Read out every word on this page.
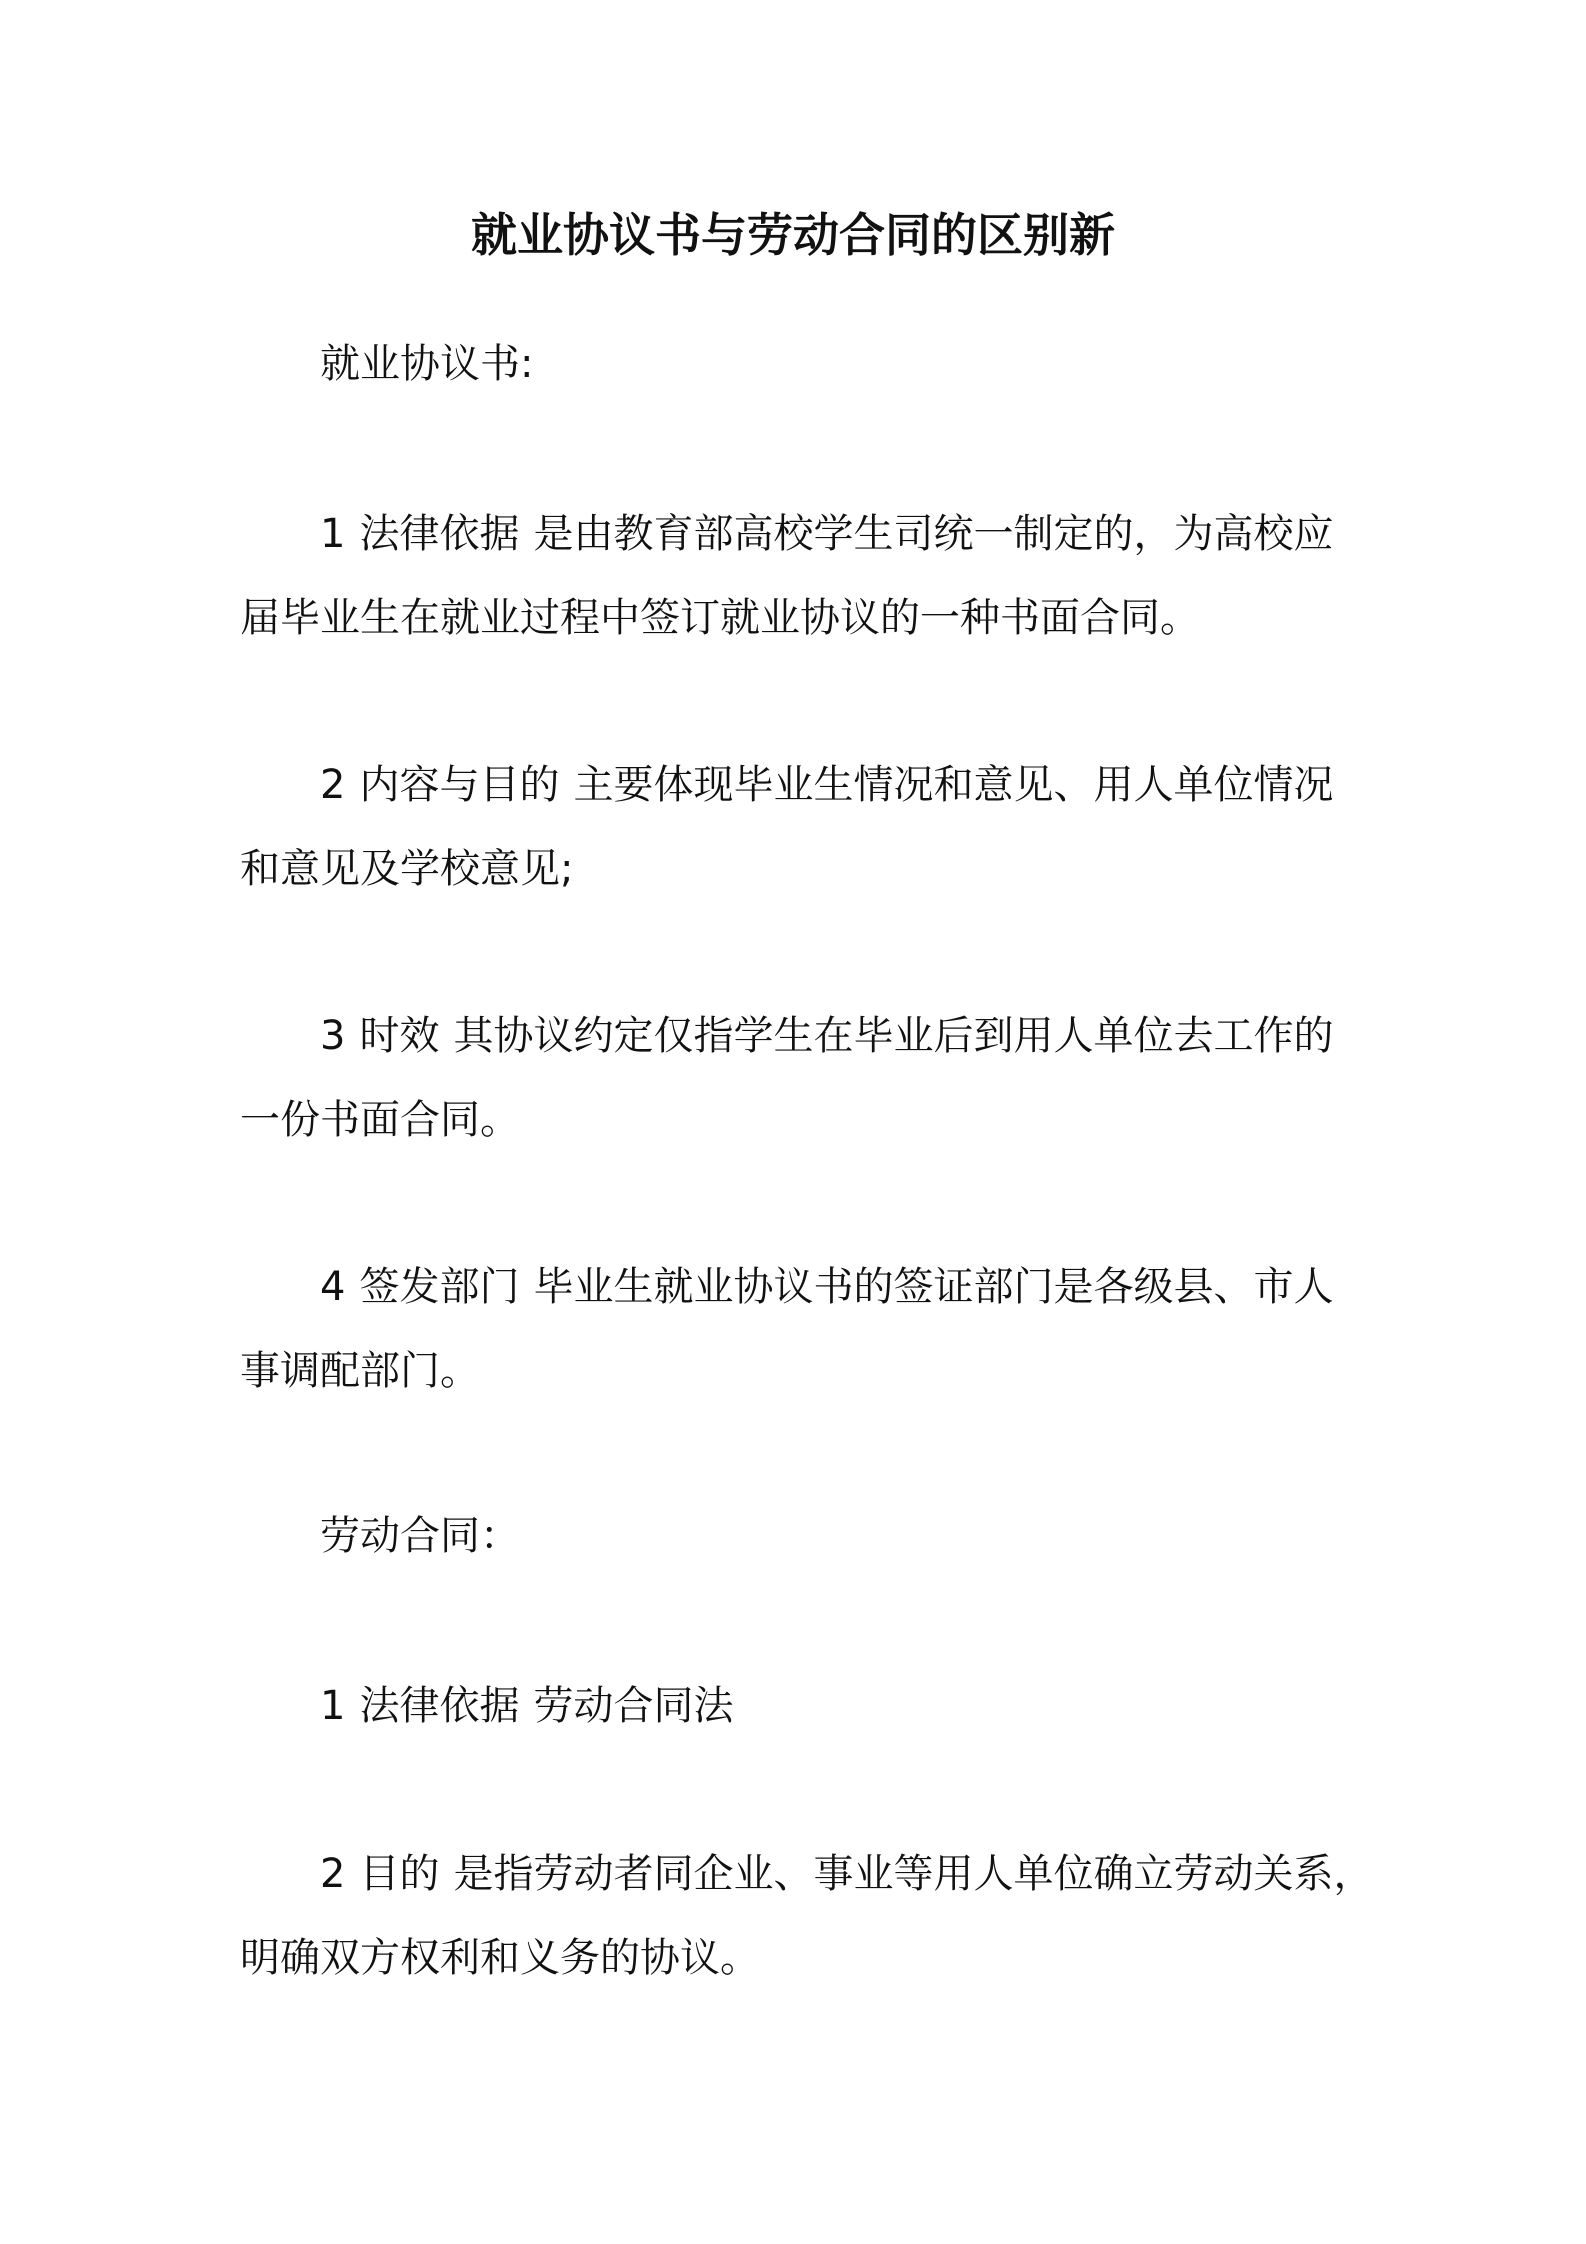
就业协议书与劳动合同的区别新
就业协议书:
1 法律依据 是由教育部高校学生司统一制定的，为高校应
届毕业生在就业过程中签订就业协议的一种书面合同。
2 内容与目的 主要体现毕业生情况和意见、用人单位情况
和意见及学校意见;
3 时效 其协议约定仅指学生在毕业后到用人单位去工作的
一份书面合同。
4 签发部门 毕业生就业协议书的签证部门是各级县、市人
事调配部门。
劳动合同：
1 法律依据 劳动合同法
2 目的 是指劳动者同企业、事业等用人单位确立劳动关系，
明确双方权利和义务的协议。
